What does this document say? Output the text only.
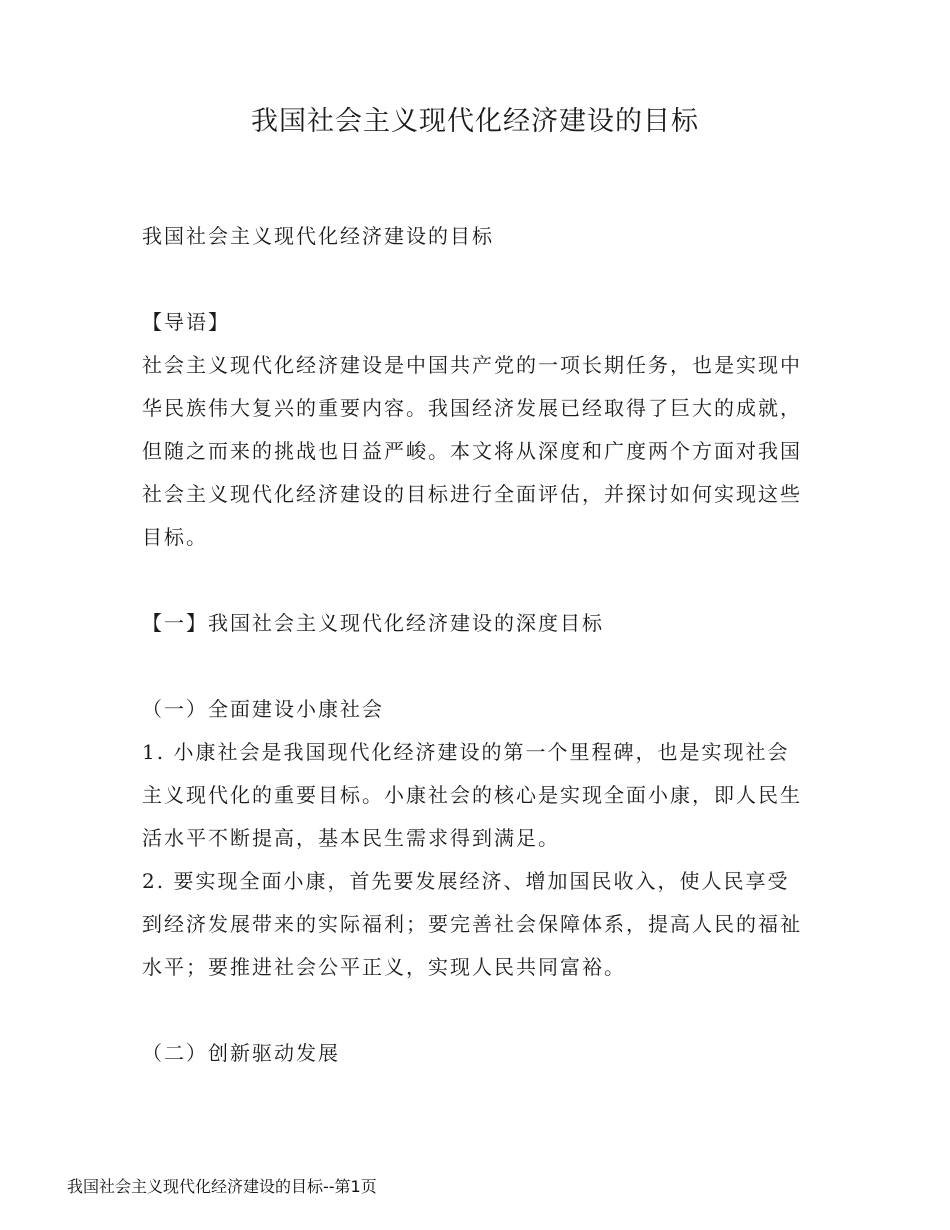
我国社会主义现代化经济建设的目标

我国社会主义现代化经济建设的目标

【导语】

社会主义现代化经济建设是中国共产党的一项长期任务，也是实现中华民族伟大复兴的重要内容。我国经济发展已经取得了巨大的成就，但随之而来的挑战也日益严峻。本文将从深度和广度两个方面对我国社会主义现代化经济建设的目标进行全面评估，并探讨如何实现这些目标。

【一】我国社会主义现代化经济建设的深度目标

（一）全面建设小康社会

1. 小康社会是我国现代化经济建设的第一个里程碑，也是实现社会主义现代化的重要目标。小康社会的核心是实现全面小康，即人民生活水平不断提高，基本民生需求得到满足。

2. 要实现全面小康，首先要发展经济、增加国民收入，使人民享受到经济发展带来的实际福利；要完善社会保障体系，提高人民的福祉水平；要推进社会公平正义，实现人民共同富裕。

（二）创新驱动发展

我国社会主义现代化经济建设的目标--第1页
